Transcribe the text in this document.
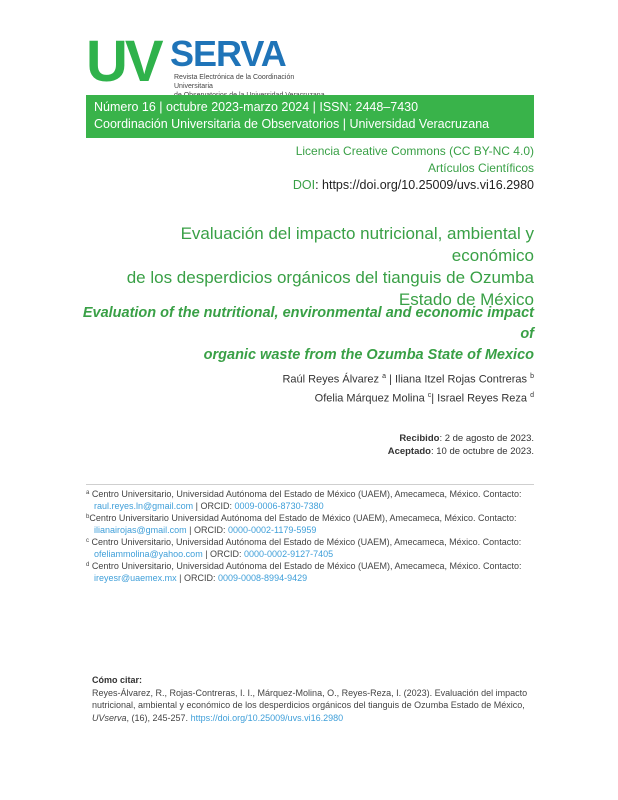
UV SERVA
Revista Electrónica de la Coordinación Universitaria
Número 16 | octubre 2023-marzo 2024 | ISSN: 2448–7430
Coordinación Universitaria de Observatorios | Universidad Veracruzana
Licencia Creative Commons (CC BY-NC 4.0)
Artículos Científicos
DOI: https://doi.org/10.25009/uvs.vi16.2980
Evaluación del impacto nutricional, ambiental y económico
de los desperdicios orgánicos del tianguis de Ozumba
Estado de México
Evaluation of the nutritional, environmental and economic impact of
organic waste from the Ozumba State of Mexico
Raúl Reyes Álvarez $^a$ | Iliana Itzel Rojas Contreras $^b$
Ofelia Márquez Molina $^c$| Israel Reyes Reza $^d$
Recibido: 2 de agosto de 2023.
Aceptado: 10 de octubre de 2023.
$^a$ Centro Universitario, Universidad Autónoma del Estado de México (UAEM), Amecameca, México. Contacto:
raul.reyes.ln@gmail.com | ORCID: 0009-0006-8730-7380
$^b$Centro Universitario Universidad Autónoma del Estado de México (UAEM), Amecameca, México. Contacto:
ilianairojas@gmail.com | ORCID: 0000-0002-1179-5959
$^c$ Centro Universitario, Universidad Autónoma del Estado de México (UAEM), Amecameca, México. Contacto:
ofeliammolina@yahoo.com | ORCID: 0000-0002-9127-7405
$^d$ Centro Universitario, Universidad Autónoma del Estado de México (UAEM), Amecameca, México. Contacto:
ireyesr@uaemex.mx | ORCID: 0009-0008-8994-9429
Cómo citar:
Reyes-Álvarez, R., Rojas-Contreras, I. I., Márquez-Molina, O., Reyes-Reza, I. (2023). Evaluación del impacto
nutricional, ambiental y económico de los desperdicios orgánicos del tianguis de Ozumba Estado de México,
UVserva, (16), 245-257. https://doi.org/10.25009/uvs.vi16.2980
